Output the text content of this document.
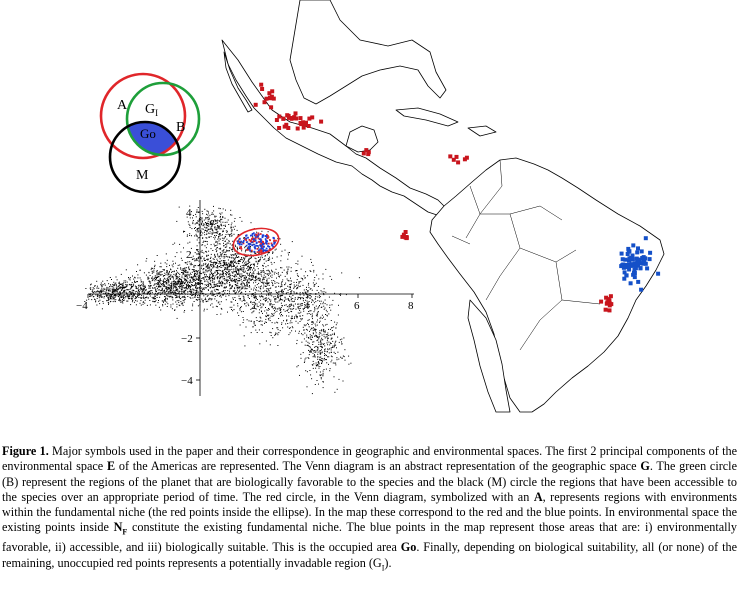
−4	2	4	6	8
4
2
−2
−4
A
B
M
$G_I$
Go
Figure 1. Major symbols used in the paper and their correspondence in geographic and environmental spaces. The first 2 principal components of the environmental space E of the Americas are represented. The Venn diagram is an abstract representation of the geographic space G. The green circle (B) represent the regions of the planet that are biologically favorable to the species and the black (M) circle the regions that have been accessible to the species over an appropriate period of time. The red circle, in the Venn diagram, symbolized with an A, represents regions with environments within the fundamental niche (the red points inside the ellipse). In the map these correspond to the red and the blue points. In environmental space the existing points inside $N_F$ constitute the existing fundamental niche. The blue points in the map represent those areas that are: i) environmentally favorable, ii) accessible, and iii) biologically suitable. This is the occupied area Go. Finally, depending on biological suitability, all (or none) of the remaining, unoccupied red points represents a potentially invadable region $(G_I)$.
